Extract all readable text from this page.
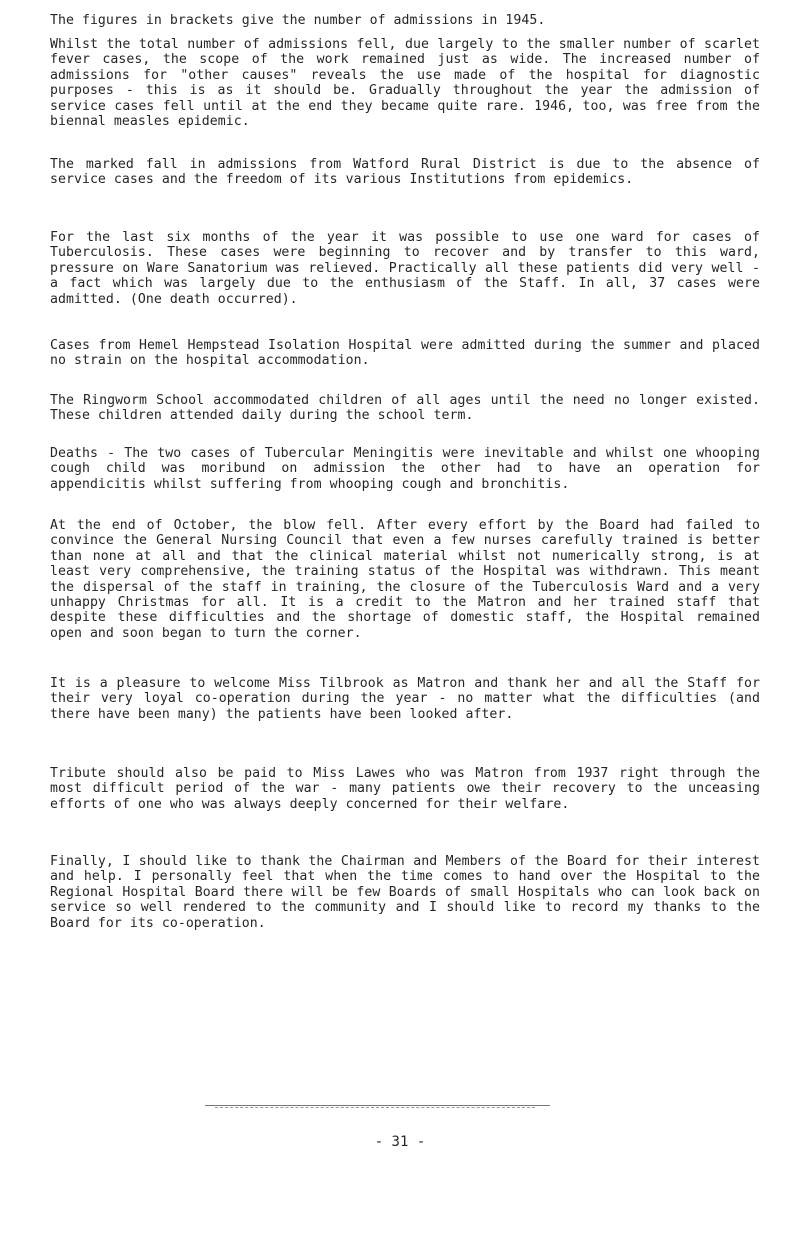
The figures in brackets give the number of admissions in 1945.

Whilst the total number of admissions fell, due largely to the smaller number of scarlet fever cases, the scope of the work remained just as wide. The increased number of admissions for "other causes" reveals the use made of the hospital for diagnostic purposes - this is as it should be. Gradually throughout the year the admission of service cases fell until at the end they became quite rare. 1946, too, was free from the biennal measles epidemic.

The marked fall in admissions from Watford Rural District is due to the absence of service cases and the freedom of its various Institutions from epidemics.

For the last six months of the year it was possible to use one ward for cases of Tuberculosis. These cases were beginning to recover and by transfer to this ward, pressure on Ware Sanatorium was relieved. Practically all these patients did very well - a fact which was largely due to the enthusiasm of the Staff. In all, 37 cases were admitted. (One death occurred).

Cases from Hemel Hempstead Isolation Hospital were admitted during the summer and placed no strain on the hospital accommodation.

The Ringworm School accommodated children of all ages until the need no longer existed. These children attended daily during the school term.

Deaths - The two cases of Tubercular Meningitis were inevitable and whilst one whooping cough child was moribund on admission the other had to have an operation for appendicitis whilst suffering from whooping cough and bronchitis.

At the end of October, the blow fell. After every effort by the Board had failed to convince the General Nursing Council that even a few nurses carefully trained is better than none at all and that the clinical material whilst not numerically strong, is at least very comprehensive, the training status of the Hospital was withdrawn. This meant the dispersal of the staff in training, the closure of the Tuberculosis Ward and a very unhappy Christmas for all. It is a credit to the Matron and her trained staff that despite these difficulties and the shortage of domestic staff, the Hospital remained open and soon began to turn the corner.

It is a pleasure to welcome Miss Tilbrook as Matron and thank her and all the Staff for their very loyal co-operation during the year - no matter what the difficulties (and there have been many) the patients have been looked after.

Tribute should also be paid to Miss Lawes who was Matron from 1937 right through the most difficult period of the war - many patients owe their recovery to the unceasing efforts of one who was always deeply concerned for their welfare.

Finally, I should like to thank the Chairman and Members of the Board for their interest and help. I personally feel that when the time comes to hand over the Hospital to the Regional Hospital Board there will be few Boards of small Hospitals who can look back on service so well rendered to the community and I should like to record my thanks to the Board for its co-operation.

- 31 -
